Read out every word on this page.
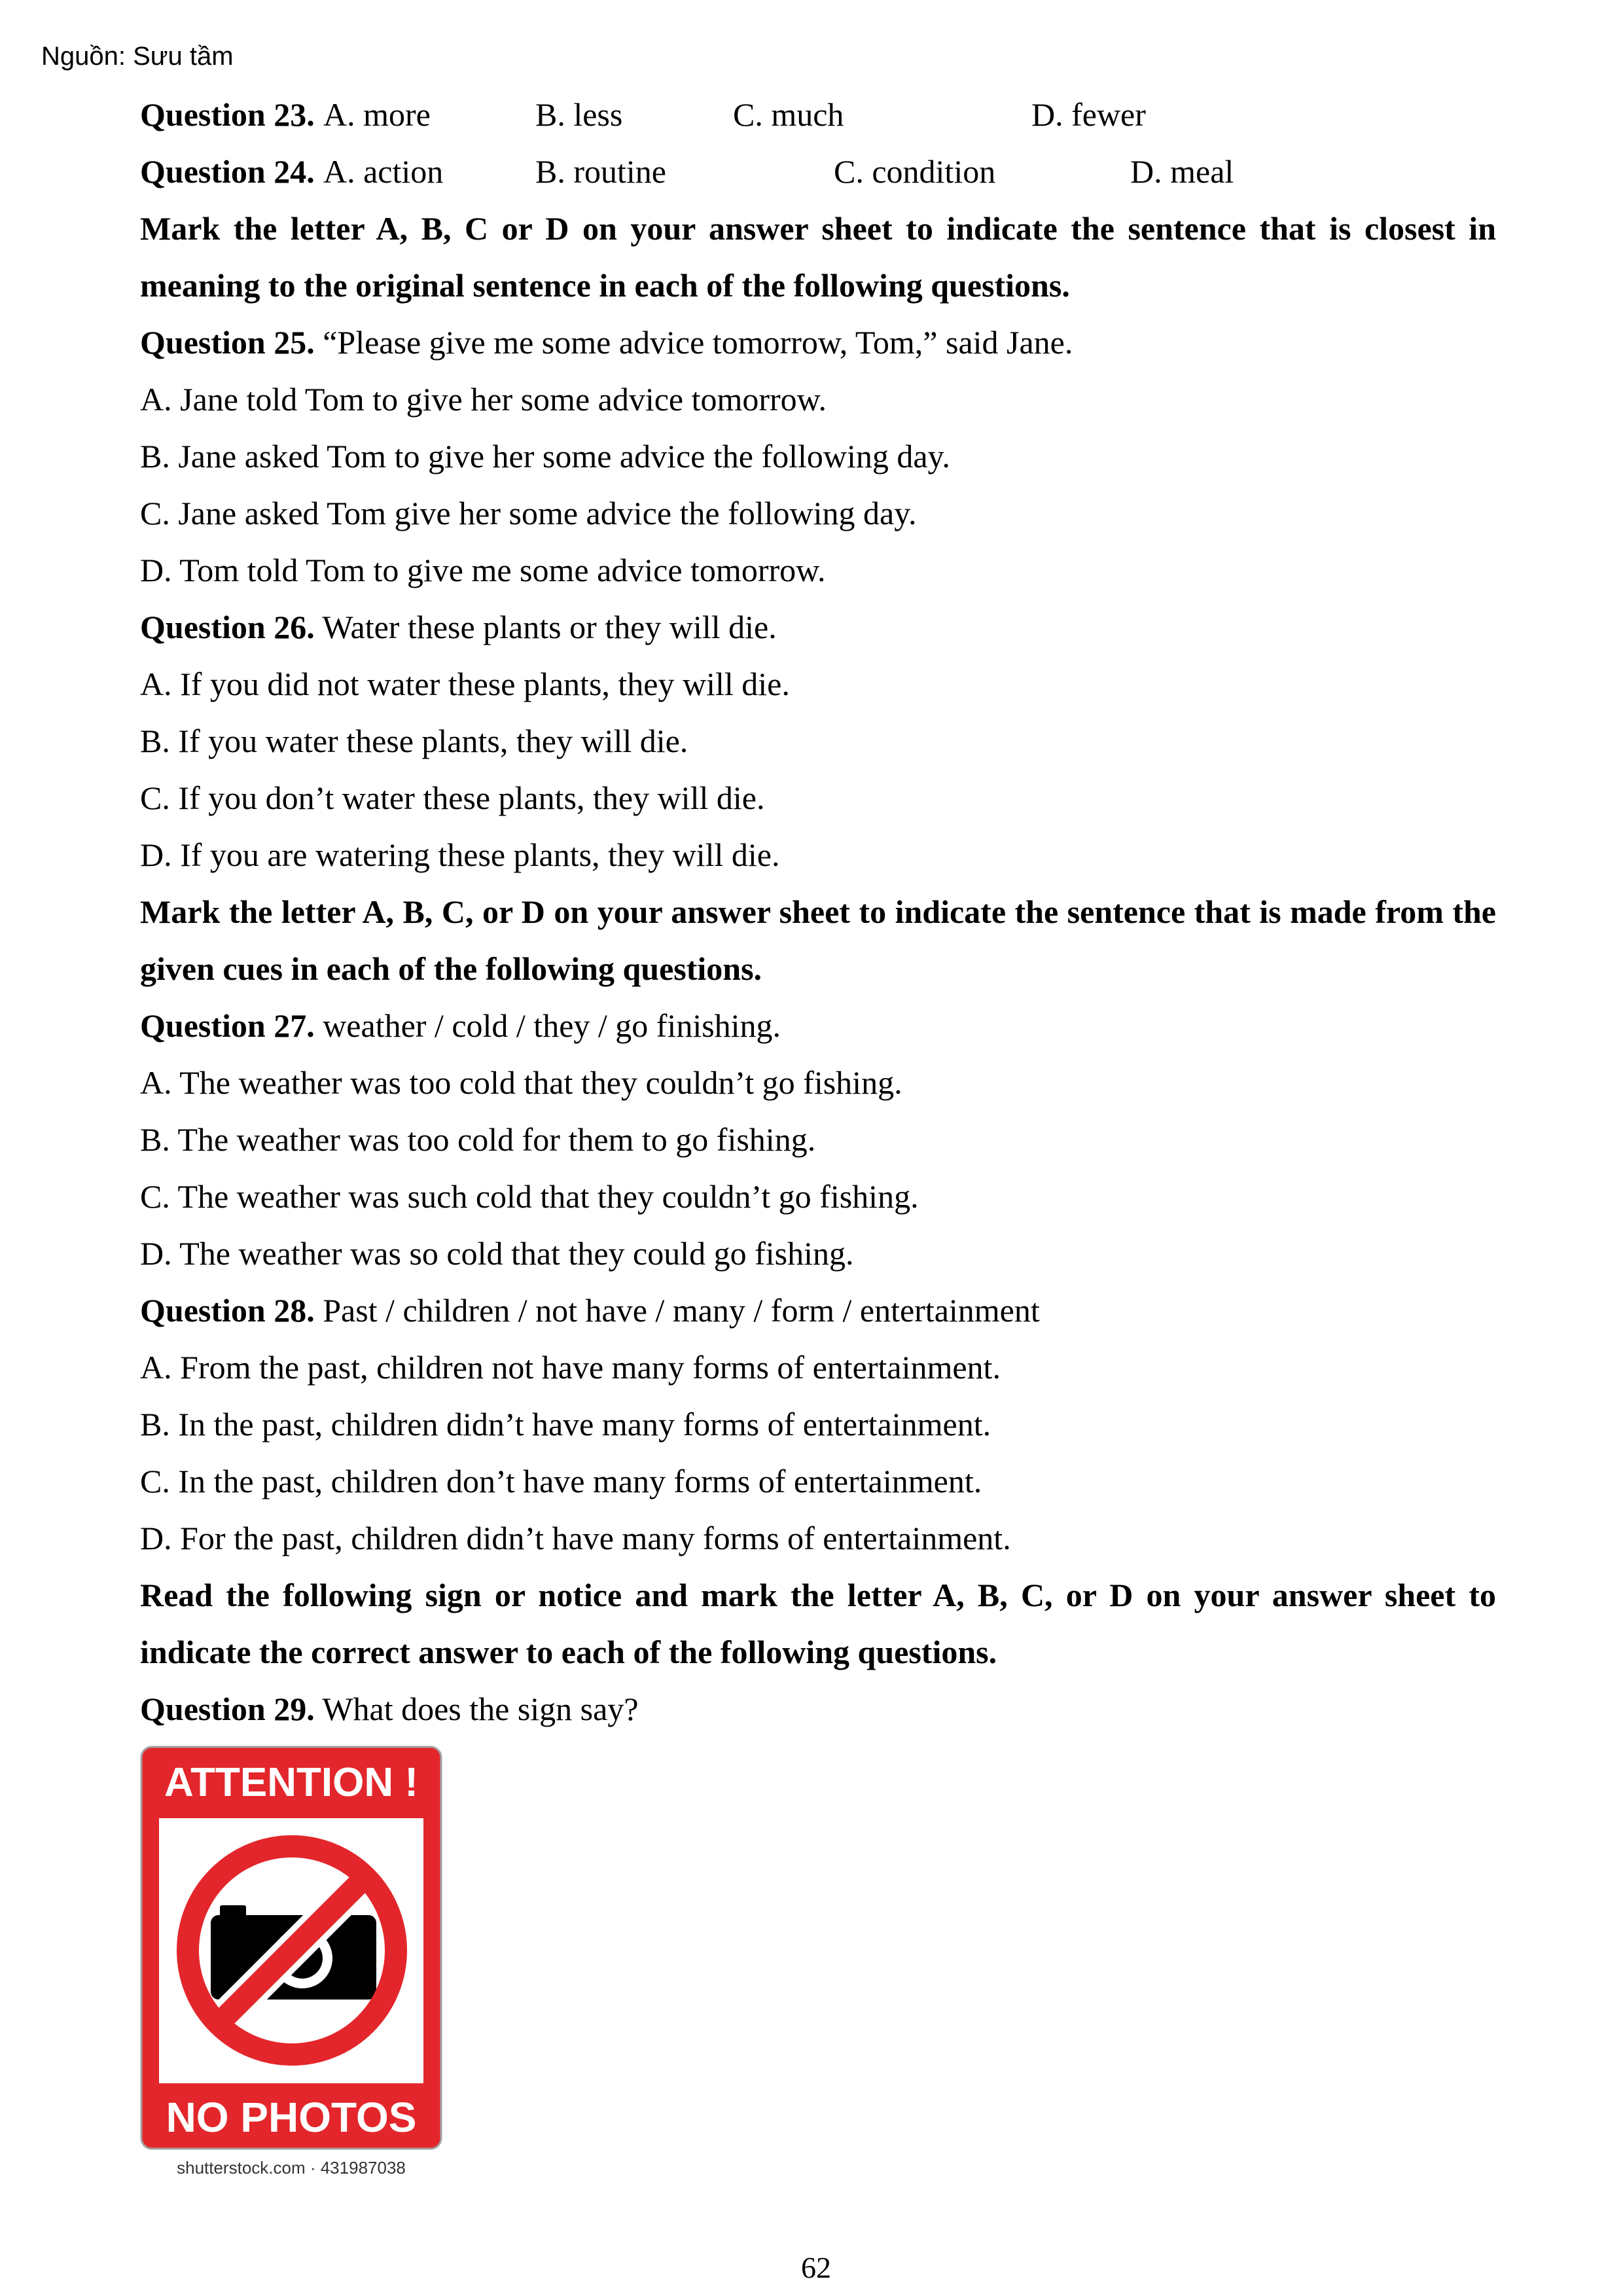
Nguồn: Sưu tầm
Question 23. A. more	B. less	C. much	D. fewer
Question 24. A. action	B. routine	C. condition	D. meal
Mark the letter A, B, C or D on your answer sheet to indicate the sentence that is closest in
meaning to the original sentence in each of the following questions.
Question 25. “Please give me some advice tomorrow, Tom,” said Jane.
A. Jane told Tom to give her some advice tomorrow.
B. Jane asked Tom to give her some advice the following day.
C. Jane asked Tom give her some advice the following day.
D. Tom told Tom to give me some advice tomorrow.
Question 26. Water these plants or they will die.
A. If you did not water these plants, they will die.
B. If you water these plants, they will die.
C. If you don’t water these plants, they will die.
D. If you are watering these plants, they will die.
Mark the letter A, B, C, or D on your answer sheet to indicate the sentence that is made from the
given cues in each of the following questions.
Question 27. weather / cold / they / go finishing.
A. The weather was too cold that they couldn’t go fishing.
B. The weather was too cold for them to go fishing.
C. The weather was such cold that they couldn’t go fishing.
D. The weather was so cold that they could go fishing.
Question 28. Past / children / not have / many / form / entertainment
A. From the past, children not have many forms of entertainment.
B. In the past, children didn’t have many forms of entertainment.
C. In the past, children don’t have many forms of entertainment.
D. For the past, children didn’t have many forms of entertainment.
Read the following sign or notice and mark the letter A, B, C, or D on your answer sheet to
indicate the correct answer to each of the following questions.
Question 29. What does the sign say?
ATTENTION !
NO PHOTOS
shutterstock.com · 431987038
62
